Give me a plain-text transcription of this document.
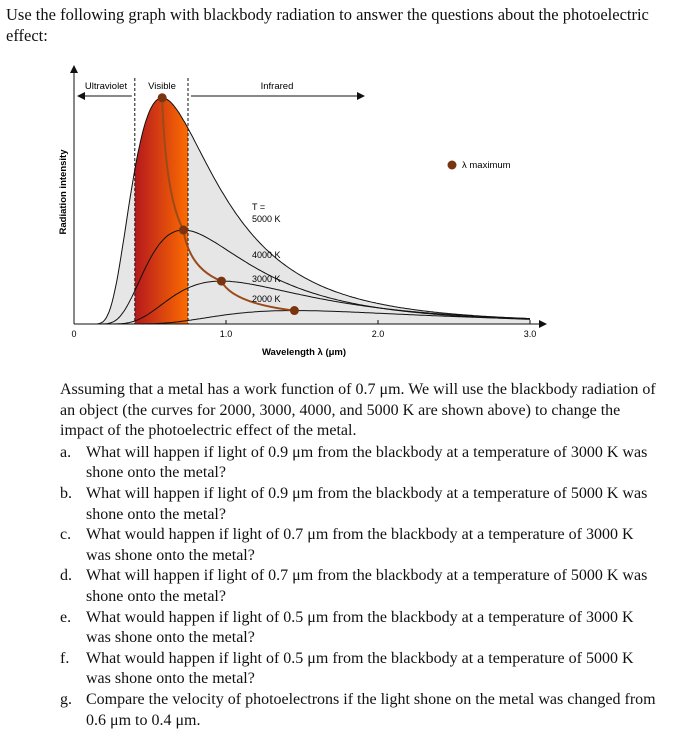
Use the following graph with blackbody radiation to answer the questions about the photoelectric effect:
0	1.0	2.0	3.0
Wavelength λ (μm)
Radiation intensity
Ultraviolet Visible	Infrared
T =
5000 K
4000 K
3000 K
2000 K
λ maximum

Assuming that a metal has a work function of 0.7 μm. We will use the blackbody radiation of an object (the curves for 2000, 3000, 4000, and 5000 K are shown above) to change the impact of the photoelectric effect of the metal.

a. What will happen if light of 0.9 μm from the blackbody at a temperature of 3000 K was shone onto the metal?
b. What will happen if light of 0.9 μm from the blackbody at a temperature of 5000 K was shone onto the metal?
c. What would happen if light of 0.7 μm from the blackbody at a temperature of 3000 K was shone onto the metal?
d. What will happen if light of 0.7 μm from the blackbody at a temperature of 5000 K was shone onto the metal?
e. What would happen if light of 0.5 μm from the blackbody at a temperature of 3000 K was shone onto the metal?
f. What would happen if light of 0.5 μm from the blackbody at a temperature of 5000 K was shone onto the metal?
g. Compare the velocity of photoelectrons if the light shone on the metal was changed from 0.6 μm to 0.4 μm.
